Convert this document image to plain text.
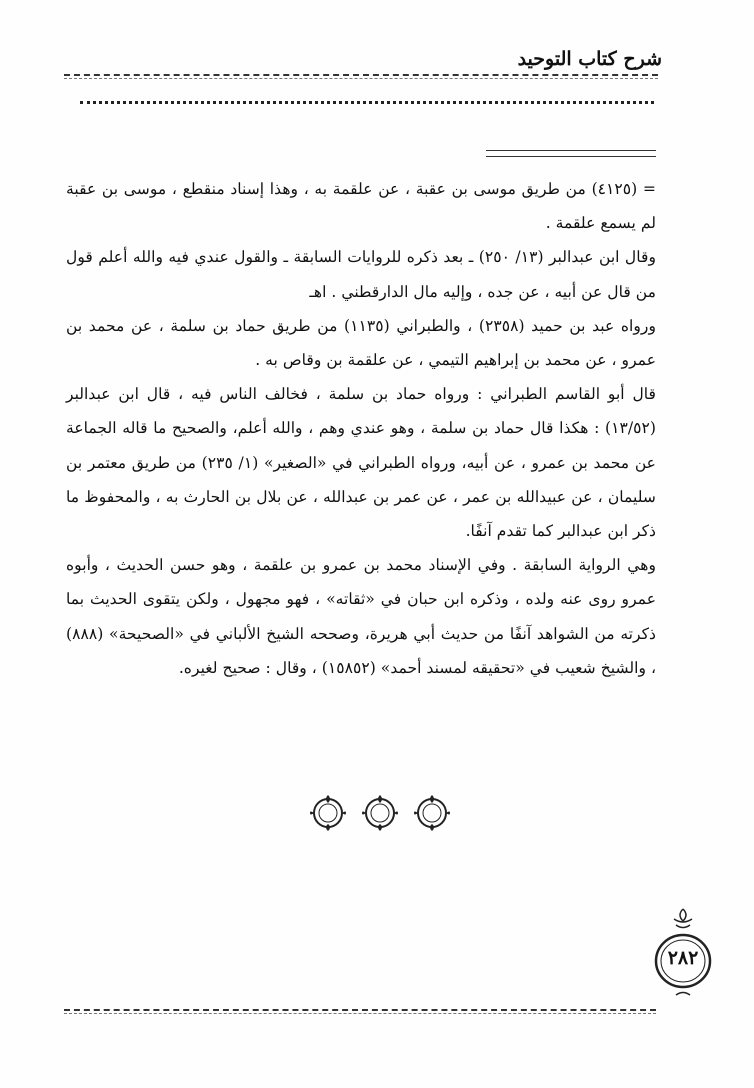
شرح كتاب التوحيد

= (٤١٢٥) من طريق موسى بن عقبة ، عن علقمة به ، وهذا إسناد منقطع ، موسى بن عقبة لم يسمع علقمة .

وقال ابن عبدالبر (١٣/ ٢٥٠) ـ بعد ذكره للروايات السابقة ـ والقول عندي فيه والله أعلم قول من قال عن أبيه ، عن جده ، وإليه مال الدارقطني . اهـ

ورواه عبد بن حميد (٢٣٥٨) ، والطبراني (١١٣٥) من طريق حماد بن سلمة ، عن محمد بن عمرو ، عن محمد بن إبراهيم التيمي ، عن علقمة بن وقاص به .

قال أبو القاسم الطبراني : ورواه حماد بن سلمة ، فخالف الناس فيه ، قال ابن عبدالبر (١٣/٥٢) : هكذا قال حماد بن سلمة ، وهو عندي وهم ، والله أعلم، والصحيح ما قاله الجماعة عن محمد بن عمرو ، عن أبيه، ورواه الطبراني في «الصغير» (١/ ٢٣٥) من طريق معتمر بن سليمان ، عن عبيدالله بن عمر ، عن عمر بن عبدالله ، عن بلال بن الحارث به ، والمحفوظ ما ذكر ابن عبدالبر كما تقدم آنفًا.

وهي الرواية السابقة . وفي الإسناد محمد بن عمرو بن علقمة ، وهو حسن الحديث ، وأبوه عمرو روى عنه ولده ، وذكره ابن حبان في «ثقاته» ، فهو مجهول ، ولكن يتقوى الحديث بما ذكرته من الشواهد آنفًا من حديث أبي هريرة، وصححه الشيخ الألباني في «الصحيحة» (٨٨٨) ، والشيخ شعيب في «تحقيقه لمسند أحمد» (١٥٨٥٢) ، وقال : صحيح لغيره.

٢٨٢
